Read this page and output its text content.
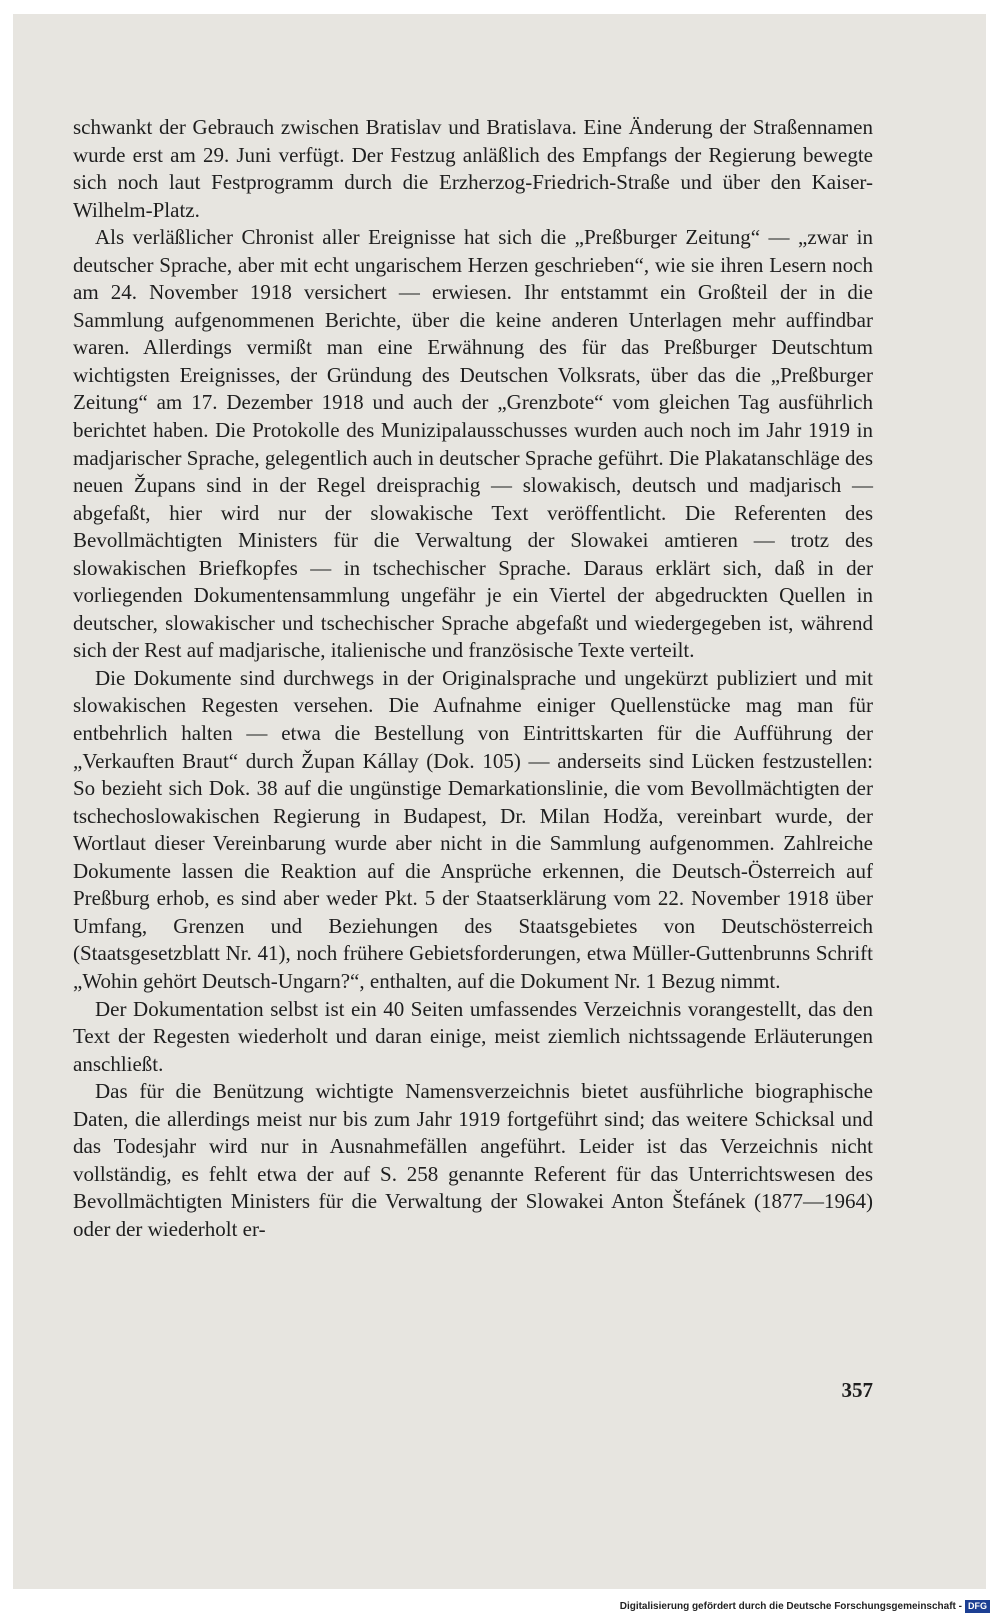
schwankt der Gebrauch zwischen Bratislav und Bratislava. Eine Änderung der Straßennamen wurde erst am 29. Juni verfügt. Der Festzug anläßlich des Empfangs der Regierung bewegte sich noch laut Festprogramm durch die Erzherzog-Friedrich-Straße und über den Kaiser-Wilhelm-Platz.

Als verläßlicher Chronist aller Ereignisse hat sich die „Preßburger Zeitung“ — „zwar in deutscher Sprache, aber mit echt ungarischem Herzen geschrieben“, wie sie ihren Lesern noch am 24. November 1918 versichert — erwiesen. Ihr entstammt ein Großteil der in die Sammlung aufgenommenen Berichte, über die keine anderen Unterlagen mehr auffindbar waren. Allerdings vermißt man eine Erwähnung des für das Preßburger Deutschtum wichtigsten Ereignisses, der Gründung des Deutschen Volksrats, über das die „Preßburger Zeitung“ am 17. Dezember 1918 und auch der „Grenzbote“ vom gleichen Tag ausführlich berichtet haben. Die Protokolle des Munizipalausschusses wurden auch noch im Jahr 1919 in madjarischer Sprache, gelegentlich auch in deutscher Sprache geführt. Die Plakatanschläge des neuen Župans sind in der Regel dreisprachig — slowakisch, deutsch und madjarisch — abgefaßt, hier wird nur der slowakische Text veröffentlicht. Die Referenten des Bevollmächtigten Ministers für die Verwaltung der Slowakei amtieren — trotz des slowakischen Briefkopfes — in tschechischer Sprache. Daraus erklärt sich, daß in der vorliegenden Dokumentensammlung ungefähr je ein Viertel der abgedruckten Quellen in deutscher, slowakischer und tschechischer Sprache abgefaßt und wiedergegeben ist, während sich der Rest auf madjarische, italienische und französische Texte verteilt.

Die Dokumente sind durchwegs in der Originalsprache und ungekürzt publiziert und mit slowakischen Regesten versehen. Die Aufnahme einiger Quellenstücke mag man für entbehrlich halten — etwa die Bestellung von Eintrittskarten für die Aufführung der „Verkauften Braut“ durch Župan Kállay (Dok. 105) — anderseits sind Lücken festzustellen: So bezieht sich Dok. 38 auf die ungünstige Demarkationslinie, die vom Bevollmächtigten der tschechoslowakischen Regierung in Budapest, Dr. Milan Hodža, vereinbart wurde, der Wortlaut dieser Vereinbarung wurde aber nicht in die Sammlung aufgenommen. Zahlreiche Dokumente lassen die Reaktion auf die Ansprüche erkennen, die Deutsch-Österreich auf Preßburg erhob, es sind aber weder Pkt. 5 der Staatserklärung vom 22. November 1918 über Umfang, Grenzen und Beziehungen des Staatsgebietes von Deutschösterreich (Staatsgesetzblatt Nr. 41), noch frühere Gebietsforderungen, etwa Müller-Guttenbrunns Schrift „Wohin gehört Deutsch-Ungarn?“, enthalten, auf die Dokument Nr. 1 Bezug nimmt.

Der Dokumentation selbst ist ein 40 Seiten umfassendes Verzeichnis vorangestellt, das den Text der Regesten wiederholt und daran einige, meist ziemlich nichtssagende Erläuterungen anschließt.

Das für die Benützung wichtigte Namensverzeichnis bietet ausführliche biographische Daten, die allerdings meist nur bis zum Jahr 1919 fortgeführt sind; das weitere Schicksal und das Todesjahr wird nur in Ausnahmefällen angeführt. Leider ist das Verzeichnis nicht vollständig, es fehlt etwa der auf S. 258 genannte Referent für das Unterrichtswesen des Bevollmächtigten Ministers für die Verwaltung der Slowakei Anton Štefánek (1877—1964) oder der wiederholt er-

357
Digitalisierung gefördert durch die Deutsche Forschungsgemeinschaft - DFG
